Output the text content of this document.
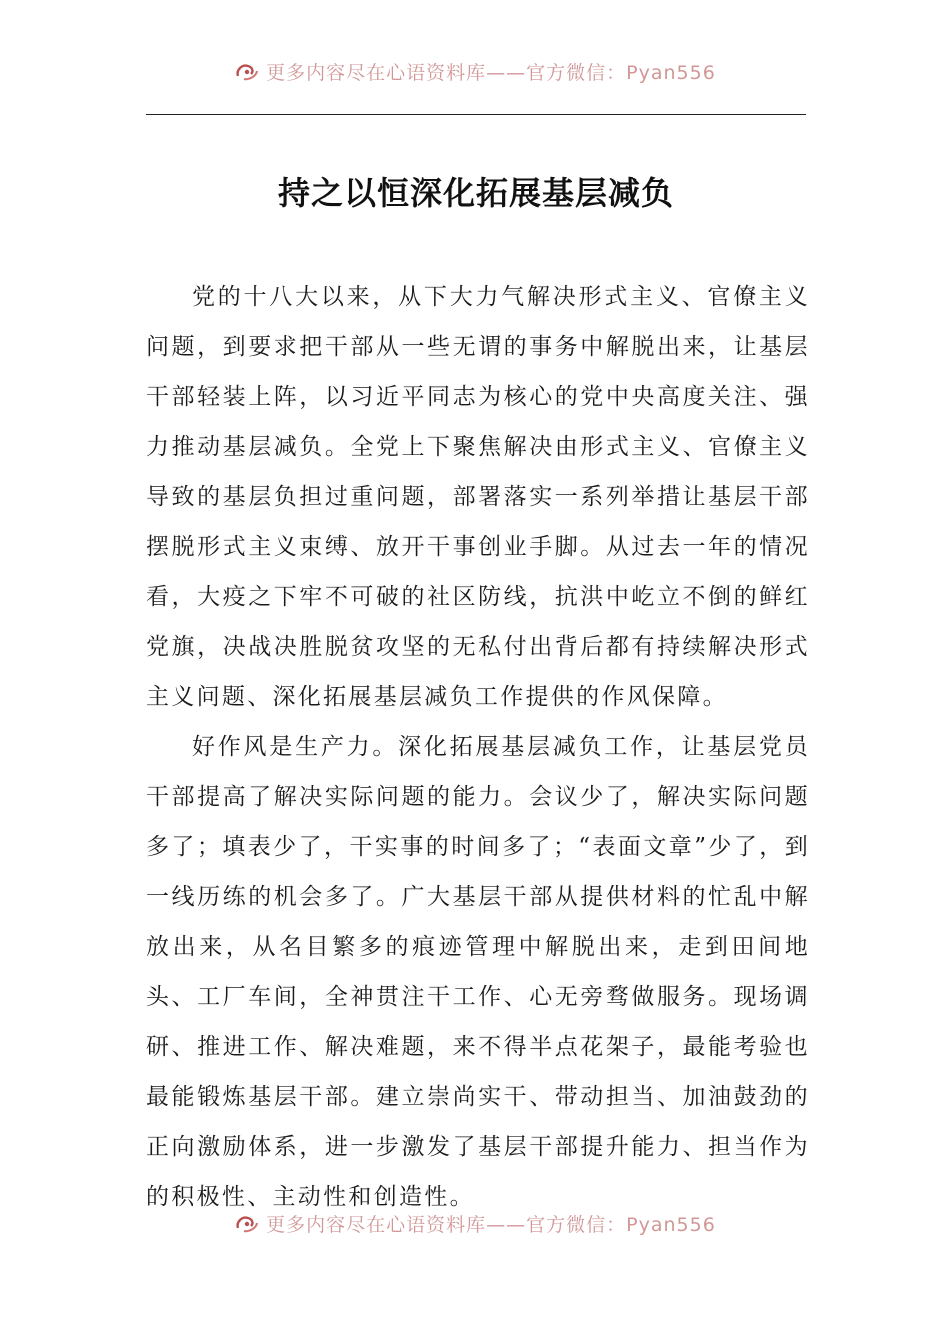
更多内容尽在心语资料库——官方微信：Pyan556
持之以恒深化拓展基层减负

党的十八大以来，从下大力气解决形式主义、官僚主义问题，到要求把干部从一些无谓的事务中解脱出来，让基层干部轻装上阵，以习近平同志为核心的党中央高度关注、强力推动基层减负。全党上下聚焦解决由形式主义、官僚主义导致的基层负担过重问题，部署落实一系列举措让基层干部摆脱形式主义束缚、放开干事创业手脚。从过去一年的情况看，大疫之下牢不可破的社区防线，抗洪中屹立不倒的鲜红党旗，决战决胜脱贫攻坚的无私付出背后都有持续解决形式主义问题、深化拓展基层减负工作提供的作风保障。

好作风是生产力。深化拓展基层减负工作，让基层党员干部提高了解决实际问题的能力。会议少了，解决实际问题多了；填表少了，干实事的时间多了；“表面文章”少了，到一线历练的机会多了。广大基层干部从提供材料的忙乱中解放出来，从名目繁多的痕迹管理中解脱出来，走到田间地头、工厂车间，全神贯注干工作、心无旁骛做服务。现场调研、推进工作、解决难题，来不得半点花架子，最能考验也最能锻炼基层干部。建立崇尚实干、带动担当、加油鼓劲的正向激励体系，进一步激发了基层干部提升能力、担当作为的积极性、主动性和创造性。

更多内容尽在心语资料库——官方微信：Pyan556
